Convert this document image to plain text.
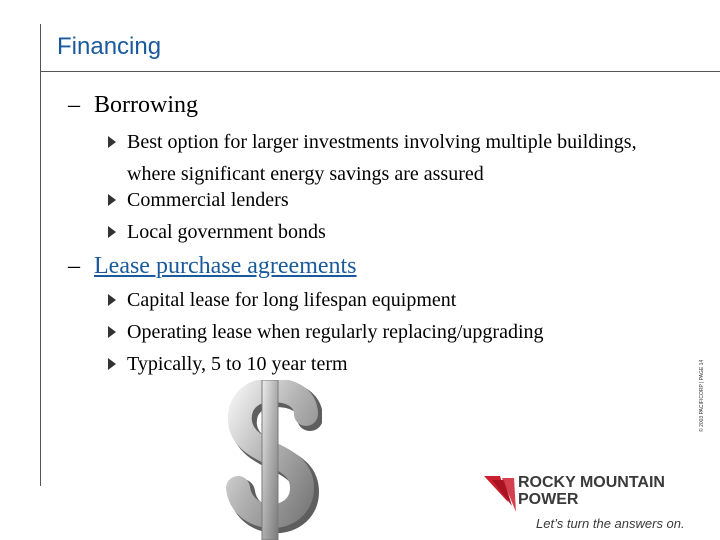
Financing
– Borrowing
Best option for larger investments involving multiple buildings, where significant energy savings are assured
Commercial lenders
Local government bonds
– Lease purchase agreements
Capital lease for long lifespan equipment
Operating lease when regularly replacing/upgrading
Typically, 5 to 10 year term	© 2003 PACIFICORP | PAGE 14
ROCKY MOUNTAIN
POWER
Let’s turn the answers on.
